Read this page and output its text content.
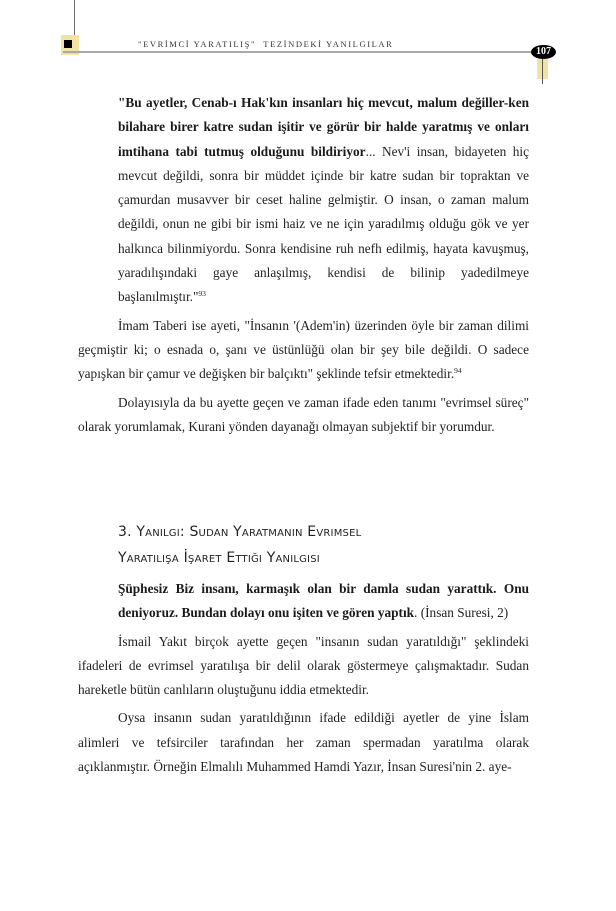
"EVRİMCİ YARATILIŞ"  TEZİNDEKİ YANILGILAR
107

"Bu ayetler, Cenab-ı Hak'kın insanları hiç mevcut, malum değiller-ken bilahare birer katre sudan işitir ve görür bir halde yaratmış ve onları imtihana tabi tutmuş olduğunu bildiriyor... Nev'i insan, bidayeten hiç mevcut değildi, sonra bir müddet içinde bir katre sudan bir topraktan ve çamurdan musavver bir ceset haline gelmiştir. O insan, o zaman malum değildi, onun ne gibi bir ismi haiz ve ne için yaradılmış olduğu gök ve yer halkınca bilinmiyordu. Sonra kendisine ruh nefh edilmiş, hayata kavuşmuş, yaradılışındaki gaye anlaşılmış, kendisi de bilinip yadedilmeye başlanılmıştır."$^{93}$

İmam Taberi ise ayeti, "İnsanın '(Adem'in) üzerinden öyle bir zaman dilimi geçmiştir ki; o esnada o, şanı ve üstünlüğü olan bir şey bile değildi. O sadece yapışkan bir çamur ve değişken bir balçıktı" şeklinde tefsir etmektedir.$^{94}$

Dolayısıyla da bu ayette geçen ve zaman ifade eden tanımı "evrimsel süreç" olarak yorumlamak, Kurani yönden dayanağı olmayan subjektif bir yorumdur.

3. Yanılgı: Sudan Yaratmanın Evrimsel
Yaratılışa İşaret Ettiği Yanılgısı

Şüphesiz Biz insanı, karmaşık olan bir damla sudan yarattık. Onu deniyoruz. Bundan dolayı onu işiten ve gören yaptık. (İnsan Suresi, 2)

İsmail Yakıt birçok ayette geçen "insanın sudan yaratıldığı" şeklindeki ifadeleri de evrimsel yaratılışa bir delil olarak göstermeye çalışmaktadır. Sudan hareketle bütün canlıların oluştuğunu iddia etmektedir.

Oysa insanın sudan yaratıldığının ifade edildiği ayetler de yine İslam alimleri ve tefsirciler tarafından her zaman spermadan yaratılma olarak açıklanmıştır. Örneğin Elmalılı Muhammed Hamdi Yazır, İnsan Suresi'nin 2. aye-
